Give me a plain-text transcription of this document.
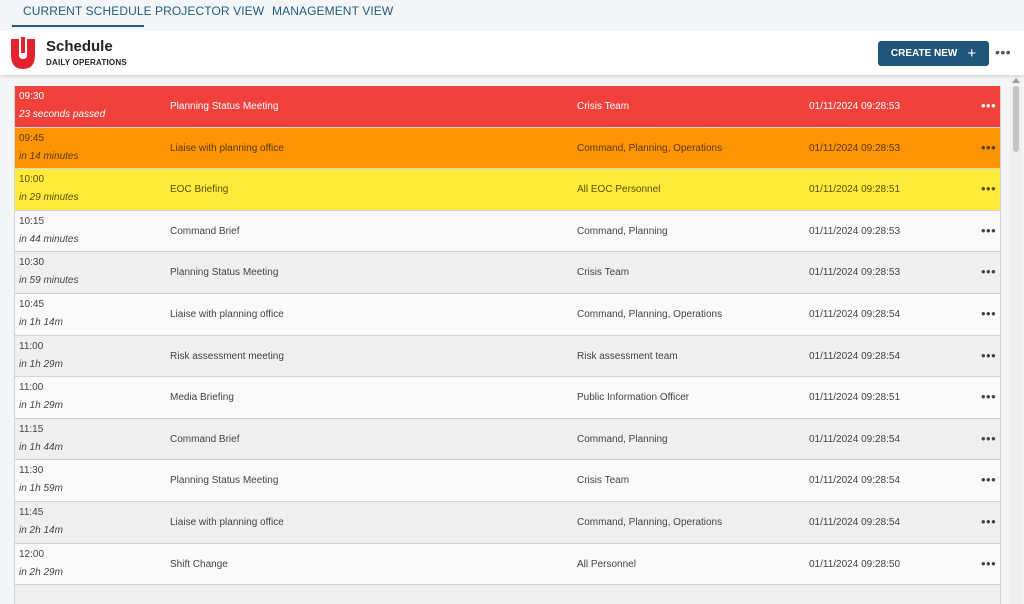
CURRENT SCHEDULE PROJECTOR VIEW MANAGEMENT VIEW
Schedule
DAILY OPERATIONS
CREATE NEW + •••
09:30
23 seconds passed
Planning Status Meeting	Crisis Team	01/11/2024 09:28:53	•••
09:45
in 14 minutes
Liaise with planning office	Command, Planning, Operations	01/11/2024 09:28:53	•••
10:00
in 29 minutes
EOC Briefing	All EOC Personnel	01/11/2024 09:28:51	•••
10:15
in 44 minutes
Command Brief	Command, Planning	01/11/2024 09:28:53	•••
10:30
in 59 minutes
Planning Status Meeting	Crisis Team	01/11/2024 09:28:53	•••
10:45
in 1h 14m
Liaise with planning office	Command, Planning, Operations	01/11/2024 09:28:54	•••
11:00
in 1h 29m
Risk assessment meeting	Risk assessment team	01/11/2024 09:28:54	•••
11:00
in 1h 29m
Media Briefing	Public Information Officer	01/11/2024 09:28:51	•••
11:15
in 1h 44m
Command Brief	Command, Planning	01/11/2024 09:28:54	•••
11:30
in 1h 59m
Planning Status Meeting	Crisis Team	01/11/2024 09:28:54	•••
11:45
in 2h 14m
Liaise with planning office	Command, Planning, Operations	01/11/2024 09:28:54	•••
12:00
in 2h 29m
Shift Change	All Personnel	01/11/2024 09:28:50	•••
